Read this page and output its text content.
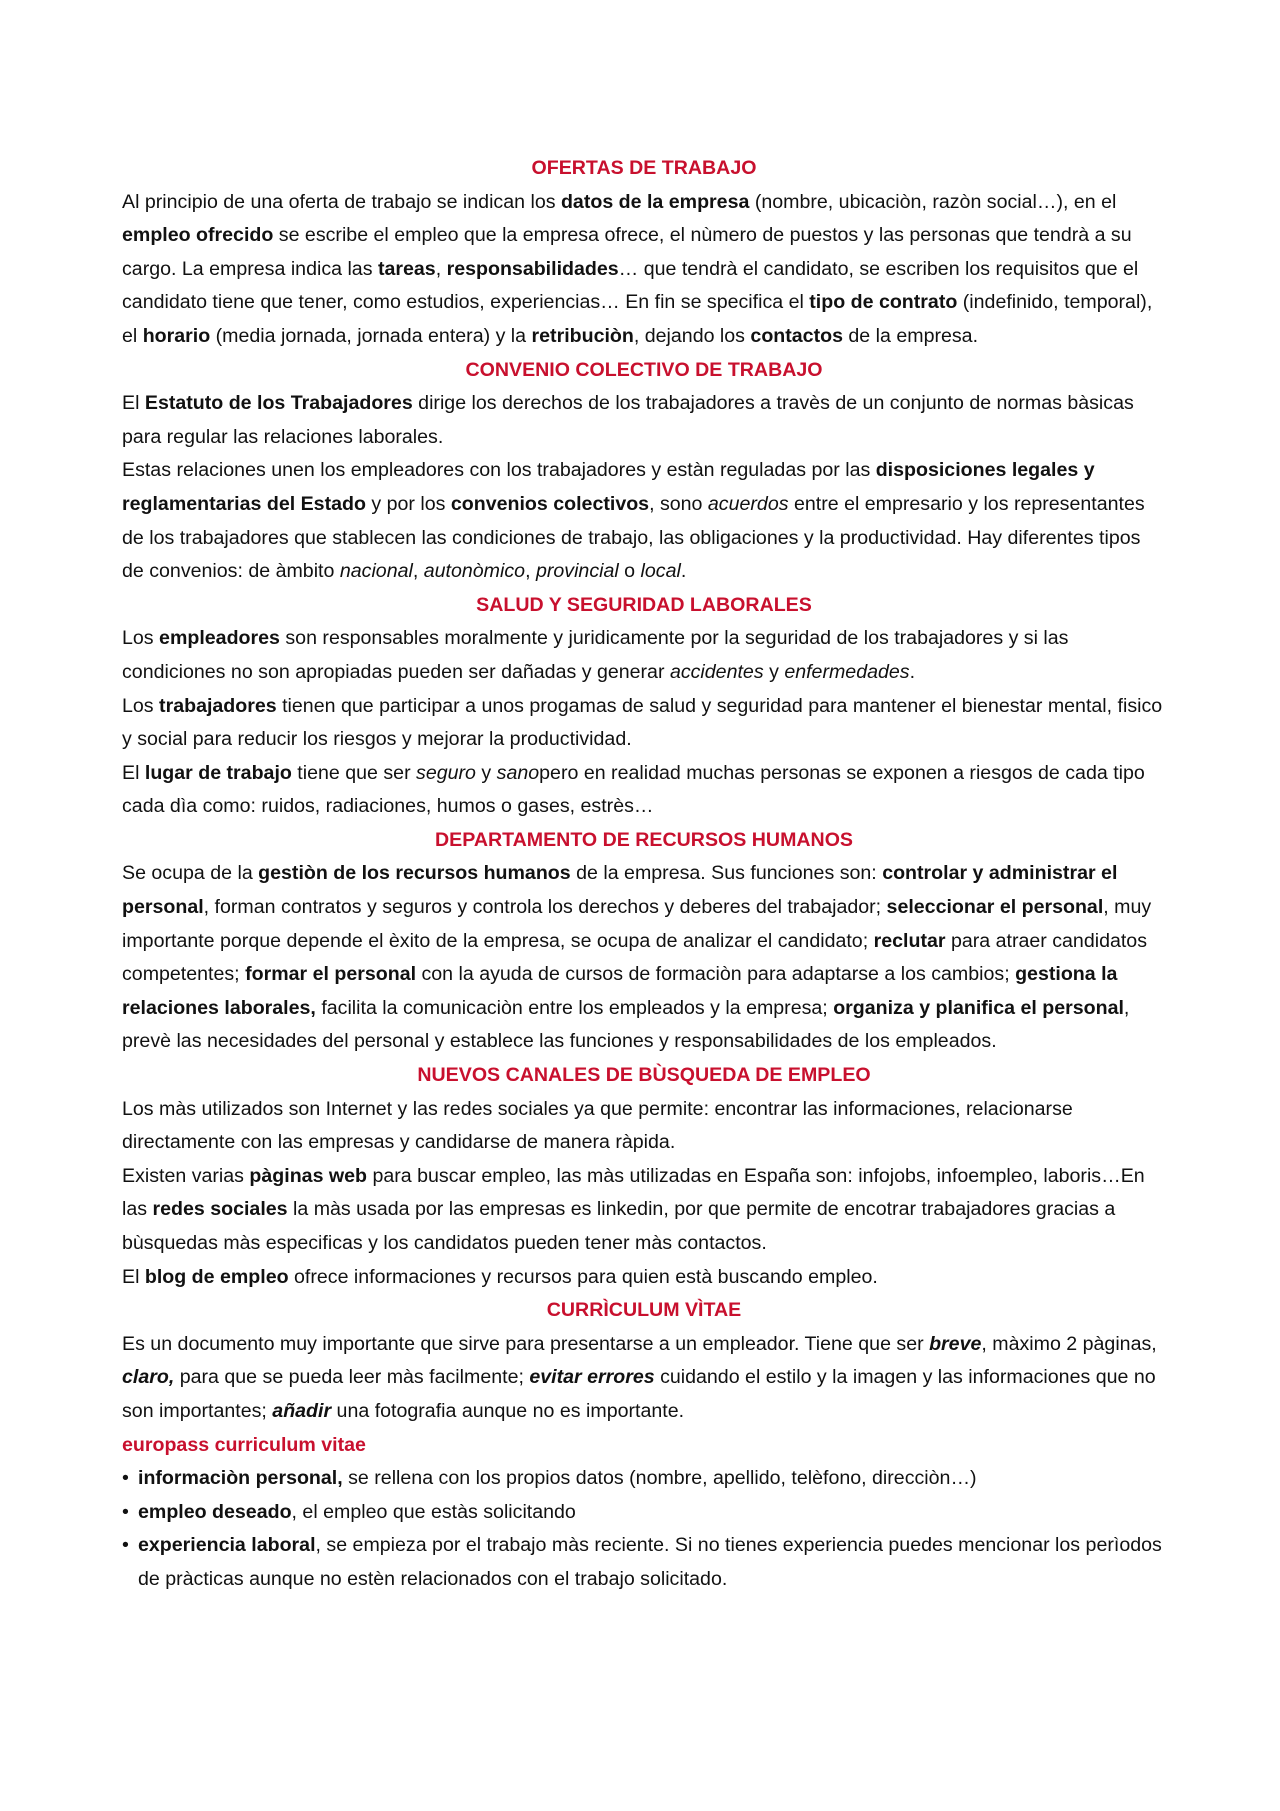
OFERTAS DE TRABAJO

Al principio de una oferta de trabajo se indican los datos de la empresa (nombre, ubicaciòn, razòn social…), en el empleo ofrecido se escribe el empleo que la empresa ofrece, el nùmero de puestos y las personas que tendrà a su cargo. La empresa indica las tareas, responsabilidades… que tendrà el candidato, se escriben los requisitos que el candidato tiene que tener, como estudios, experiencias… En fin se specifica el tipo de contrato (indefinido, temporal), el horario (media jornada, jornada entera) y la retribuciòn, dejando los contactos de la empresa.

CONVENIO COLECTIVO DE TRABAJO

El Estatuto de los Trabajadores dirige los derechos de los trabajadores a travès de un conjunto de normas bàsicas para regular las relaciones laborales.

Estas relaciones unen los empleadores con los trabajadores y estàn reguladas por las disposiciones legales y reglamentarias del Estado y por los convenios colectivos, sono acuerdos entre el empresario y los representantes de los trabajadores que stablecen las condiciones de trabajo, las obligaciones y la productividad. Hay diferentes tipos de convenios: de àmbito nacional, autonòmico, provincial o local.

SALUD Y SEGURIDAD LABORALES

Los empleadores son responsables moralmente y juridicamente por la seguridad de los trabajadores y si las condiciones no son apropiadas pueden ser dañadas y generar accidentes y enfermedades.

Los trabajadores tienen que participar a unos progamas de salud y seguridad para mantener el bienestar mental, fisico y social para reducir los riesgos y mejorar la productividad.

El lugar de trabajo tiene que ser seguro y sanopero en realidad muchas personas se exponen a riesgos de cada tipo cada dìa como: ruidos, radiaciones, humos o gases, estrès…

DEPARTAMENTO DE RECURSOS HUMANOS

Se ocupa de la gestiòn de los recursos humanos de la empresa. Sus funciones son: controlar y administrar el personal, forman contratos y seguros y controla los derechos y deberes del trabajador; seleccionar el personal, muy importante porque depende el èxito de la empresa, se ocupa de analizar el candidato; reclutar para atraer candidatos competentes; formar el personal con la ayuda de cursos de formaciòn para adaptarse a los cambios; gestiona la relaciones laborales, facilita la comunicaciòn entre los empleados y la empresa; organiza y planifica el personal, prevè las necesidades del personal y establece las funciones y responsabilidades de los empleados.

NUEVOS CANALES DE BÙSQUEDA DE EMPLEO

Los màs utilizados son Internet y las redes sociales ya que permite: encontrar las informaciones, relacionarse directamente con las empresas y candidarse de manera ràpida.

Existen varias pàginas web para buscar empleo, las màs utilizadas en España son: infojobs, infoempleo, laboris…En las redes sociales la màs usada por las empresas es linkedin, por que permite de encotrar trabajadores gracias a bùsquedas màs especificas y los candidatos pueden tener màs contactos.

El blog de empleo ofrece informaciones y recursos para quien està buscando empleo.

CURRÌCULUM VÌTAE

Es un documento muy importante que sirve para presentarse a un empleador. Tiene que ser breve, màximo 2 pàginas, claro, para que se pueda leer màs facilmente; evitar errores cuidando el estilo y la imagen y las informaciones que no son importantes; añadir una fotografia aunque no es importante.

europass curriculum vitae

• informaciòn personal, se rellena con los propios datos (nombre, apellido, telèfono, direcciòn…)
• empleo deseado, el empleo que estàs solicitando
• experiencia laboral, se empieza por el trabajo màs reciente. Si no tienes experiencia puedes mencionar los perìodos de pràcticas aunque no estèn relacionados con el trabajo solicitado.
